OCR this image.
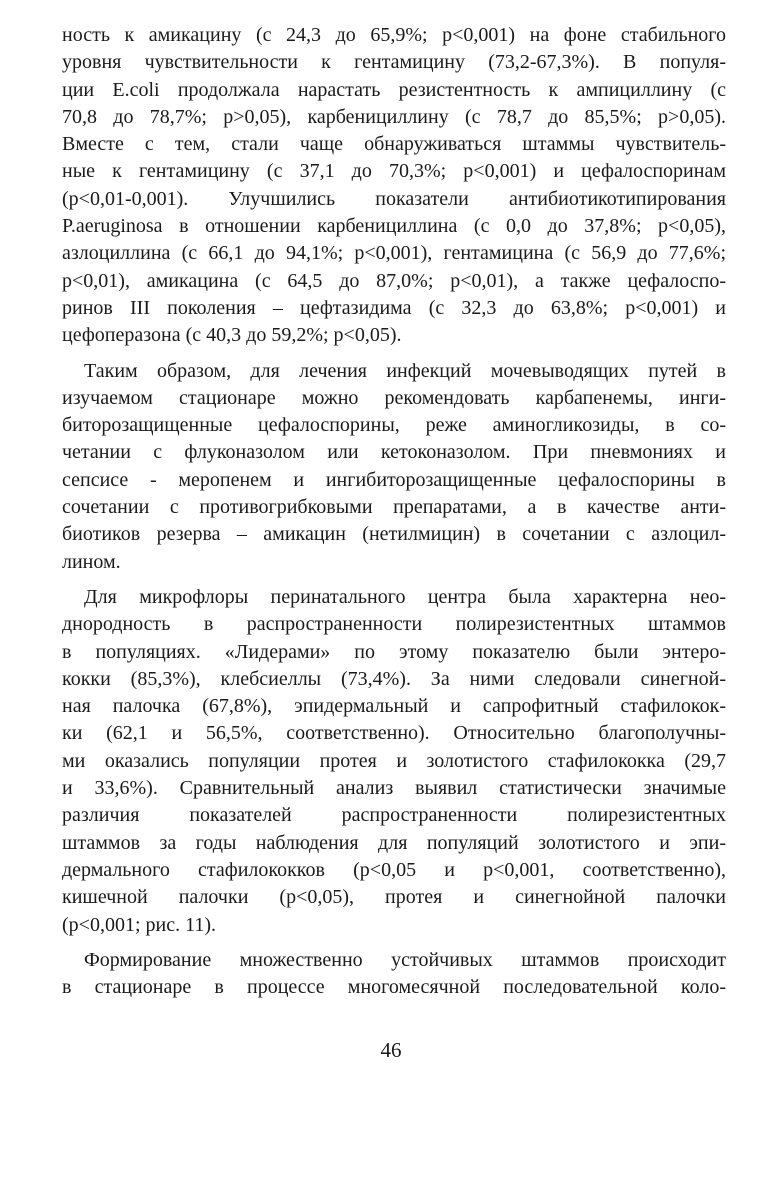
ность к амикацину (с 24,3 до 65,9%; р<0,001) на фоне стабильного
уровня чувствительности к гентамицину (73,2-67,3%). В популя-
ции E.coli продолжала нарастать резистентность к ампициллину (с
70,8 до 78,7%; р>0,05), карбенициллину (с 78,7 до 85,5%; р>0,05).
Вместе с тем, стали чаще обнаруживаться штаммы чувствитель-
ные к гентамицину (с 37,1 до 70,3%; р<0,001) и цефалоспоринам
(р<0,01-0,001). Улучшились показатели антибиотикотипирования
P.aeruginosa в отношении карбенициллина (с 0,0 до 37,8%; р<0,05),
азлоциллина (с 66,1 до 94,1%; р<0,001), гентамицина (с 56,9 до 77,6%;
р<0,01), амикацина (с 64,5 до 87,0%; р<0,01), а также цефалоспо-
ринов III поколения – цефтазидима (с 32,3 до 63,8%; р<0,001) и
цефоперазона (с 40,3 до 59,2%; р<0,05).
Таким образом, для лечения инфекций мочевыводящих путей в
изучаемом стационаре можно рекомендовать карбапенемы, инги-
биторозащищенные цефалоспорины, реже аминогликозиды, в со-
четании с флуконазолом или кетоконазолом. При пневмониях и
сепсисе - меропенем и ингибиторозащищенные цефалоспорины в
сочетании с противогрибковыми препаратами, а в качестве анти-
биотиков резерва – амикацин (нетилмицин) в сочетании с азлоцил-
лином.
Для микрофлоры перинатального центра была характерна нео-
днородность в распространенности полирезистентных штаммов
в популяциях. «Лидерами» по этому показателю были энтеро-
кокки (85,3%), клебсиеллы (73,4%). За ними следовали синегной-
ная палочка (67,8%), эпидермальный и сапрофитный стафилокок-
ки (62,1 и 56,5%, соответственно). Относительно благополучны-
ми оказались популяции протея и золотистого стафилококка (29,7
и 33,6%). Сравнительный анализ выявил статистически значимые
различия показателей распространенности полирезистентных
штаммов за годы наблюдения для популяций золотистого и эпи-
дермального стафилококков (р<0,05 и р<0,001, соответственно),
кишечной палочки (р<0,05), протея и синегнойной палочки
(р<0,001; рис. 11).
Формирование множественно устойчивых штаммов происходит
в стационаре в процессе многомесячной последовательной коло-
46
